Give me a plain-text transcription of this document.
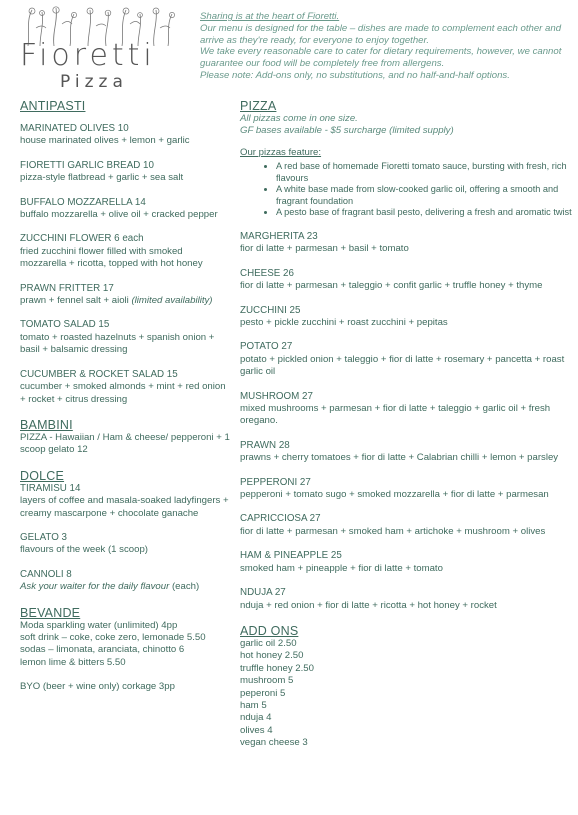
Fioretti
Pizza
Sharing is at the heart of Fioretti.
Our menu is designed for the table – dishes are made to complement each other and arrive as they're ready, for everyone to enjoy together.
We take every reasonable care to cater for dietary requirements, however, we cannot guarantee our food will be completely free from allergens.
Please note: Add-ons only, no substitutions, and no half-and-half options.
ANTIPASTI
MARINATED OLIVES 10
house marinated olives + lemon + garlic
FIORETTI GARLIC BREAD 10
pizza-style flatbread + garlic + sea salt
BUFFALO MOZZARELLA 14
buffalo mozzarella + olive oil + cracked pepper
ZUCCHINI FLOWER 6 each
fried zucchini flower filled with smoked mozzarella + ricotta, topped with hot honey
PRAWN FRITTER 17
prawn + fennel salt + aioli (limited availability)
TOMATO SALAD 15
tomato + roasted hazelnuts + spanish onion + basil + balsamic dressing
CUCUMBER & ROCKET SALAD 15
cucumber + smoked almonds + mint + red onion + rocket + citrus dressing
BAMBINI
PIZZA - Hawaiian / Ham & cheese/ pepperoni + 1 scoop gelato 12
DOLCE
TIRAMISU 14
layers of coffee and masala-soaked ladyfingers + creamy mascarpone + chocolate ganache
GELATO 3
flavours of the week (1 scoop)
CANNOLI 8
Ask your waiter for the daily flavour (each)
BEVANDE
Moda sparkling water (unlimited) 4pp
soft drink – coke, coke zero, lemonade 5.50
sodas – limonata, aranciata, chinotto 6
lemon lime & bitters 5.50
BYO (beer + wine only) corkage 3pp
PIZZA
All pizzas come in one size.
GF bases available - $5 surcharge (limited supply)
Our pizzas feature:
• A red base of homemade Fioretti tomato sauce, bursting with fresh, rich flavours
• A white base made from slow-cooked garlic oil, offering a smooth and fragrant foundation
• A pesto base of fragrant basil pesto, delivering a fresh and aromatic twist
MARGHERITA 23
fior di latte + parmesan + basil + tomato
CHEESE 26
fior di latte + parmesan + taleggio + confit garlic + truffle honey + thyme
ZUCCHINI 25
pesto + pickle zucchini + roast zucchini + pepitas
POTATO 27
potato + pickled onion + taleggio + fior di latte + rosemary + pancetta + roast garlic oil
MUSHROOM 27
mixed mushrooms + parmesan + fior di latte + taleggio + garlic oil + fresh oregano.
PRAWN 28
prawns + cherry tomatoes + fior di latte + Calabrian chilli + lemon + parsley
PEPPERONI 27
pepperoni + tomato sugo + smoked mozzarella + fior di latte + parmesan
CAPRICCIOSA 27
fior di latte + parmesan + smoked ham + artichoke + mushroom + olives
HAM & PINEAPPLE 25
smoked ham + pineapple + fior di latte + tomato
NDUJA 27
nduja + red onion + fior di latte + ricotta + hot honey + rocket
ADD ONS
garlic oil 2.50
hot honey 2.50
truffle honey 2.50
mushroom 5
peperoni 5
ham 5
nduja 4
olives 4
vegan cheese 3
